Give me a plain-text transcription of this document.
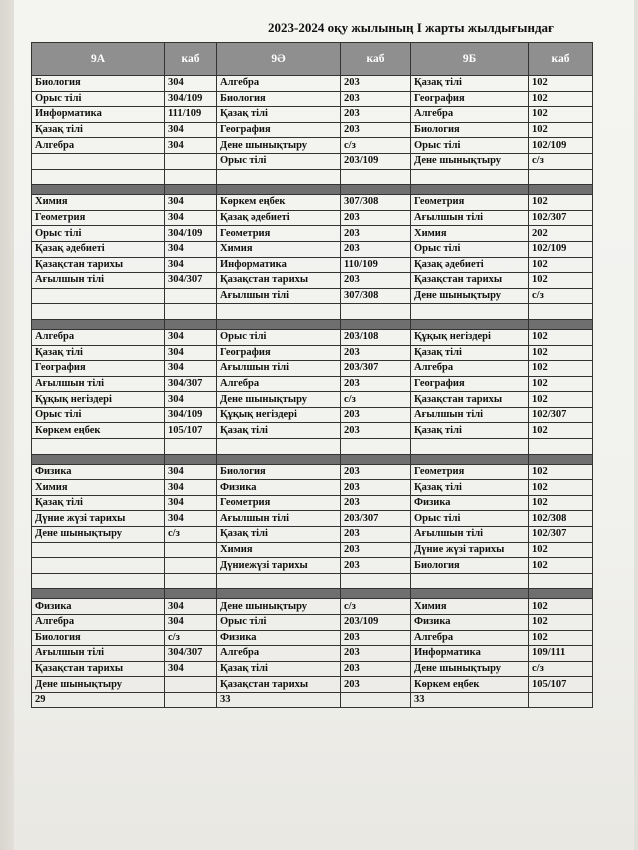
2023-2024 оқу жылының І жарты жылдығындағ
9А	каб	9Ә	каб	9Б	каб
Биология	304	Алгебра	203	Қазақ тілі	102
Орыс тілі	304/109	Биология	203	География	102
Информатика	111/109	Қазақ тілі	203	Алгебра	102
Қазақ тілі	304	География	203	Биология	102
Алгебра	304	Дене шынықтыру	с/з	Орыс тілі	102/109
		Орыс тілі	203/109	Дене шынықтыру	с/з

Химия	304	Көркем еңбек	307/308	Геометрия	102
Геометрия	304	Қазақ әдебиеті	203	Ағылшын тілі	102/307
Орыс тілі	304/109	Геометрия	203	Химия	202
Қазақ әдебиеті	304	Химия	203	Орыс тілі	102/109
Қазақстан тарихы	304	Информатика	110/109	Қазақ әдебиеті	102
Ағылшын тілі	304/307	Қазақстан тарихы	203	Қазақстан тарихы	102
		Ағылшын тілі	307/308	Дене шынықтыру	с/з

Алгебра	304	Орыс тілі	203/108	Құқық негіздері	102
Қазақ тілі	304	География	203	Қазақ тілі	102
География	304	Ағылшын тілі	203/307	Алгебра	102
Ағылшын тілі	304/307	Алгебра	203	География	102
Құқық негіздері	304	Дене шынықтыру	с/з	Қазақстан тарихы	102
Орыс тілі	304/109	Құқық негіздері	203	Ағылшын тілі	102/307
Көркем еңбек	105/107	Қазақ тілі	203	Қазақ тілі	102

Физика	304	Биология	203	Геометрия	102
Химия	304	Физика	203	Қазақ тілі	102
Қазақ тілі	304	Геометрия	203	Физика	102
Дүние жүзі тарихы	304	Ағылшын тілі	203/307	Орыс тілі	102/308
Дене шынықтыру	с/з	Қазақ тілі	203	Ағылшын тілі	102/307
		Химия	203	Дүние жүзі тарихы	102
		Дүниежүзі тарихы	203	Биология	102

Физика	304	Дене шынықтыру	с/з	Химия	102
Алгебра	304	Орыс тілі	203/109	Физика	102
Биология	с/з	Физика	203	Алгебра	102
Ағылшын тілі	304/307	Алгебра	203	Информатика	109/111
Қазақстан тарихы	304	Қазақ тілі	203	Дене шынықтыру	с/з
Дене шынықтыру		Қазақстан тарихы	203	Көркем еңбек	105/107
29		33		33	
